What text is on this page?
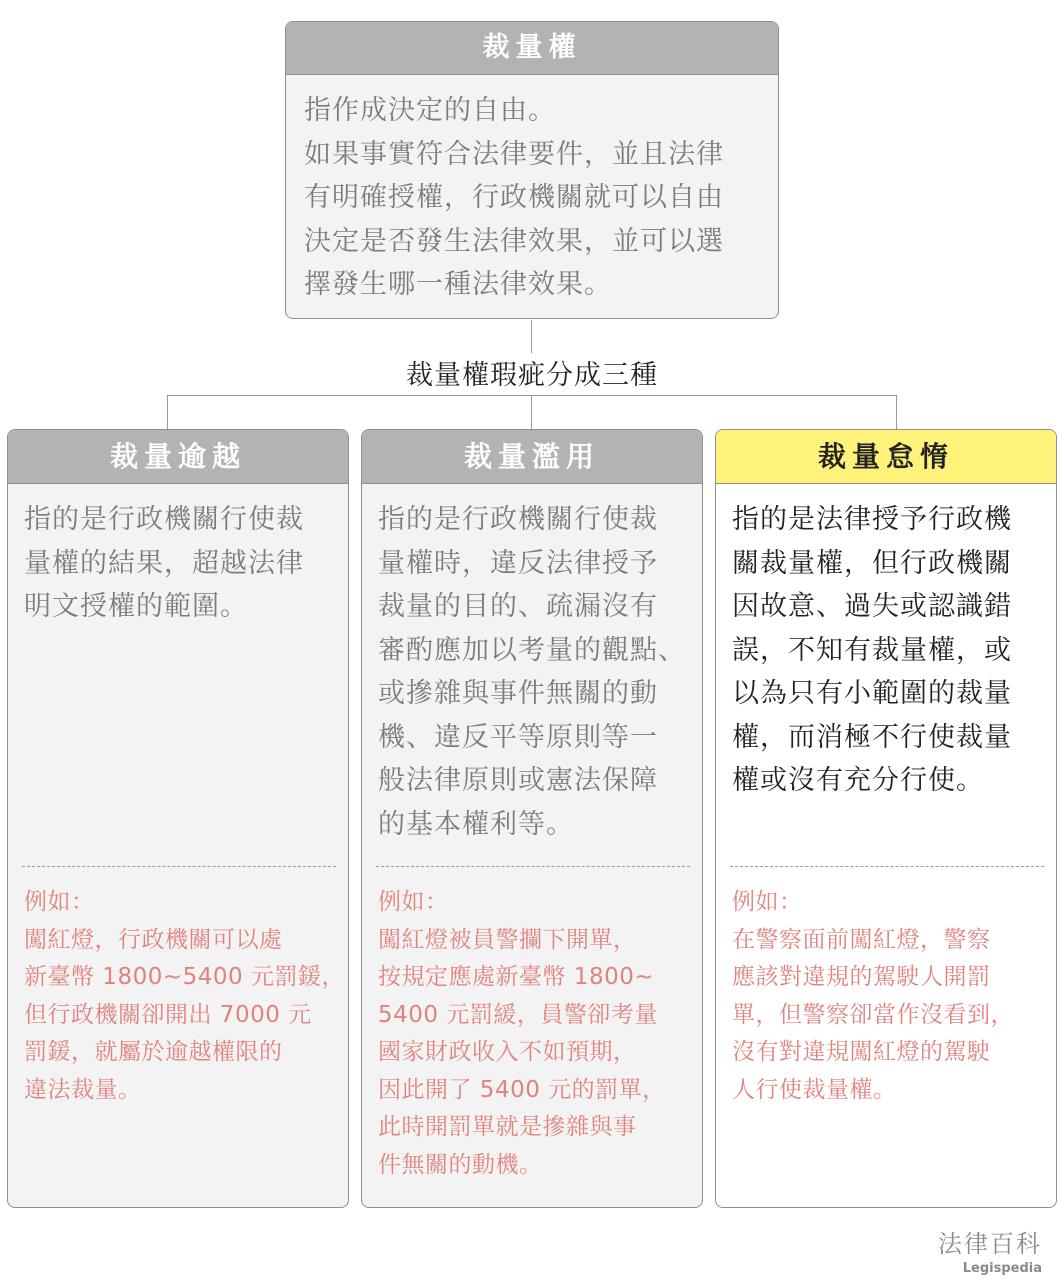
裁量權
指作成決定的自由。
如果事實符合法律要件，並且法律
有明確授權，行政機關就可以自由
決定是否發生法律效果，並可以選
擇發生哪一種法律效果。
裁量權瑕疵分成三種
裁量逾越
指的是行政機關行使裁
量權的結果，超越法律
明文授權的範圍。
例如：
闖紅燈，行政機關可以處
新臺幣 1800~5400 元罰鍰，
但行政機關卻開出 7000 元
罰鍰，就屬於逾越權限的
違法裁量。
裁量濫用
指的是行政機關行使裁
量權時，違反法律授予
裁量的目的、疏漏沒有
審酌應加以考量的觀點、
或摻雜與事件無關的動
機、違反平等原則等一
般法律原則或憲法保障
的基本權利等。
例如：
闖紅燈被員警攔下開單，
按規定應處新臺幣 1800~
5400 元罰緩，員警卻考量
國家財政收入不如預期，
因此開了 5400 元的罰單，
此時開罰單就是摻雜與事
件無關的動機。
裁量怠惰
指的是法律授予行政機
關裁量權，但行政機關
因故意、過失或認識錯
誤，不知有裁量權，或
以為只有小範圍的裁量
權，而消極不行使裁量
權或沒有充分行使。
例如：
在警察面前闖紅燈，警察
應該對違規的駕駛人開罰
單，但警察卻當作沒看到，
沒有對違規闖紅燈的駕駛
人行使裁量權。
法律百科
Legispedia
